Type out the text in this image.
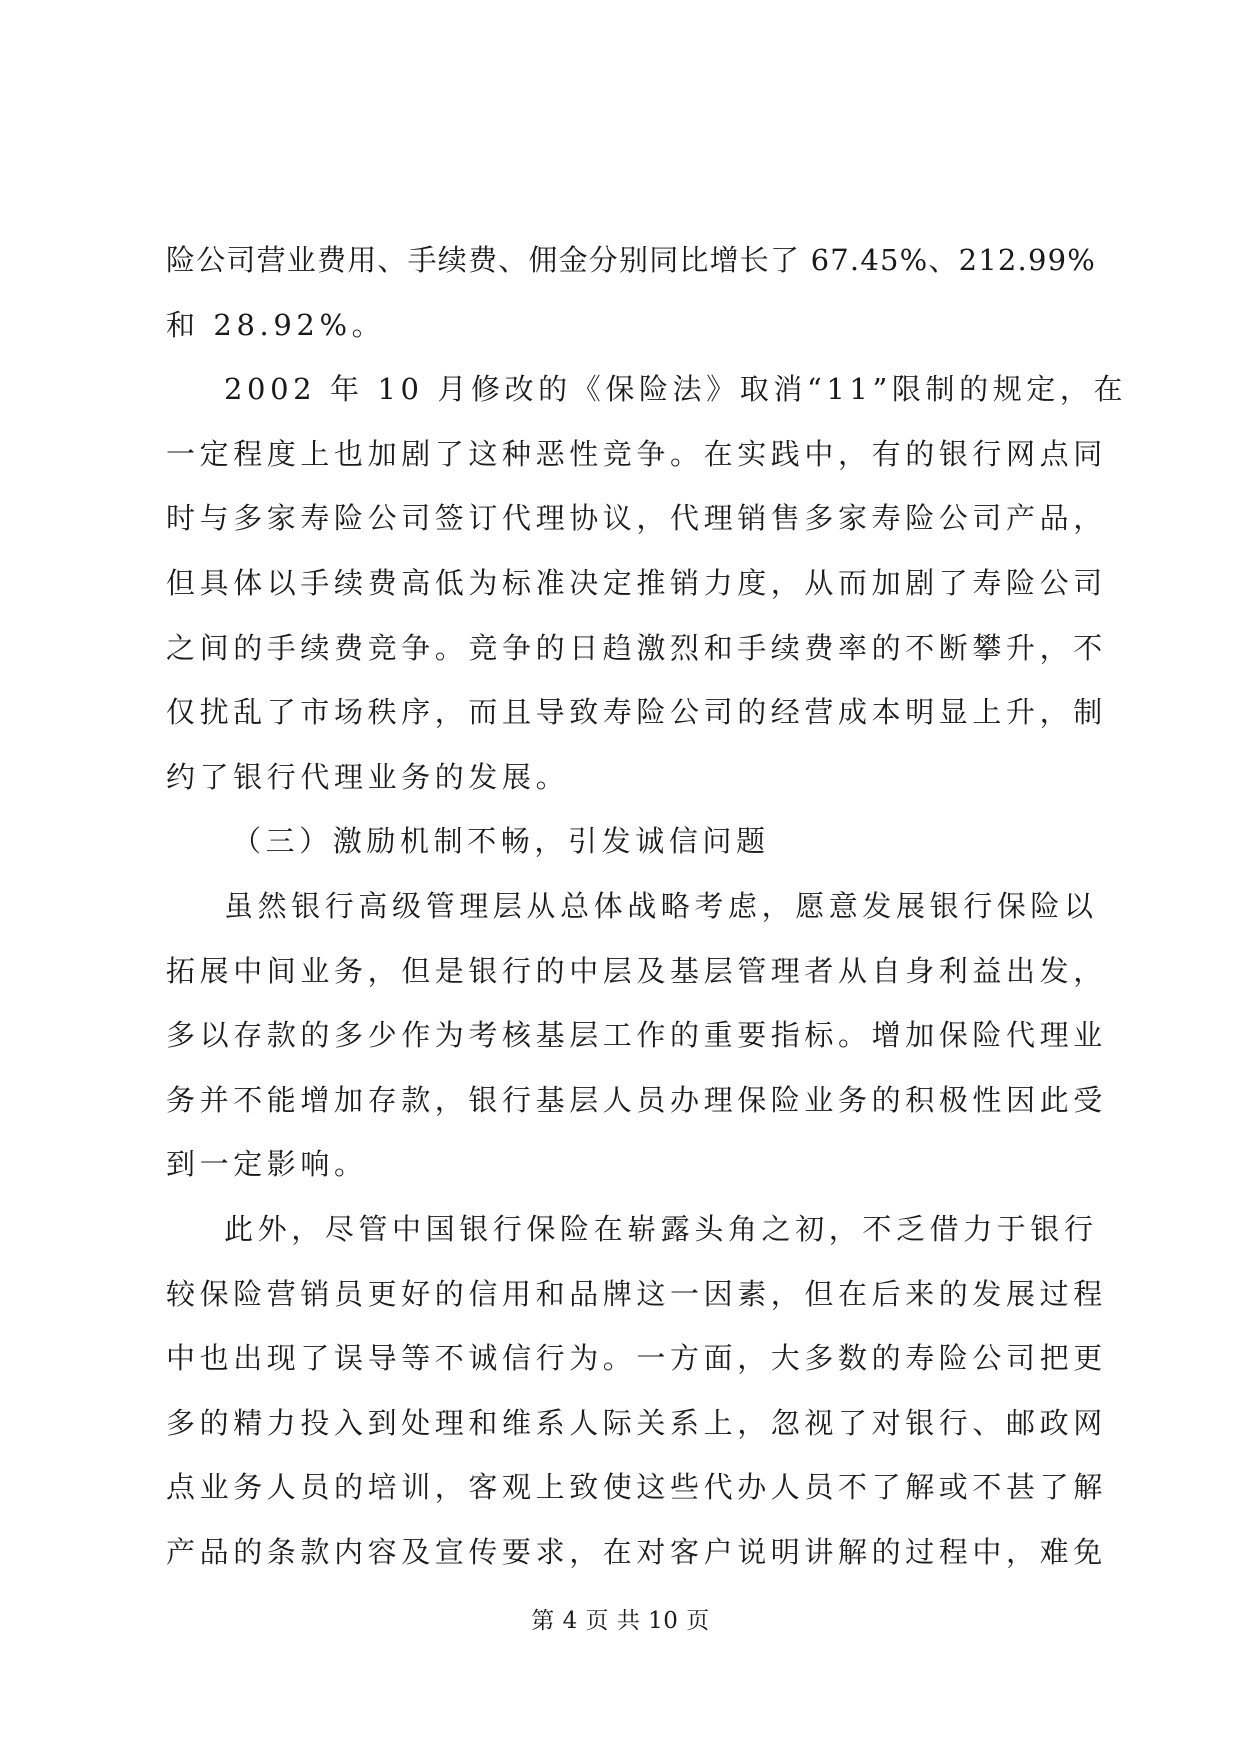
险公司营业费用、手续费、佣金分别同比增长了 67.45%、212.99%
和 28.92%。
2002 年 10 月修改的《保险法》取消“11”限制的规定，在
一定程度上也加剧了这种恶性竞争。在实践中，有的银行网点同
时与多家寿险公司签订代理协议，代理销售多家寿险公司产品，
但具体以手续费高低为标准决定推销力度，从而加剧了寿险公司
之间的手续费竞争。竞争的日趋激烈和手续费率的不断攀升，不
仅扰乱了市场秩序，而且导致寿险公司的经营成本明显上升，制
约了银行代理业务的发展。
（三）激励机制不畅，引发诚信问题
虽然银行高级管理层从总体战略考虑，愿意发展银行保险以
拓展中间业务，但是银行的中层及基层管理者从自身利益出发，
多以存款的多少作为考核基层工作的重要指标。增加保险代理业
务并不能增加存款，银行基层人员办理保险业务的积极性因此受
到一定影响。
此外，尽管中国银行保险在崭露头角之初，不乏借力于银行
较保险营销员更好的信用和品牌这一因素，但在后来的发展过程
中也出现了误导等不诚信行为。一方面，大多数的寿险公司把更
多的精力投入到处理和维系人际关系上，忽视了对银行、邮政网
点业务人员的培训，客观上致使这些代办人员不了解或不甚了解
产品的条款内容及宣传要求，在对客户说明讲解的过程中，难免
第 4 页 共 10 页
